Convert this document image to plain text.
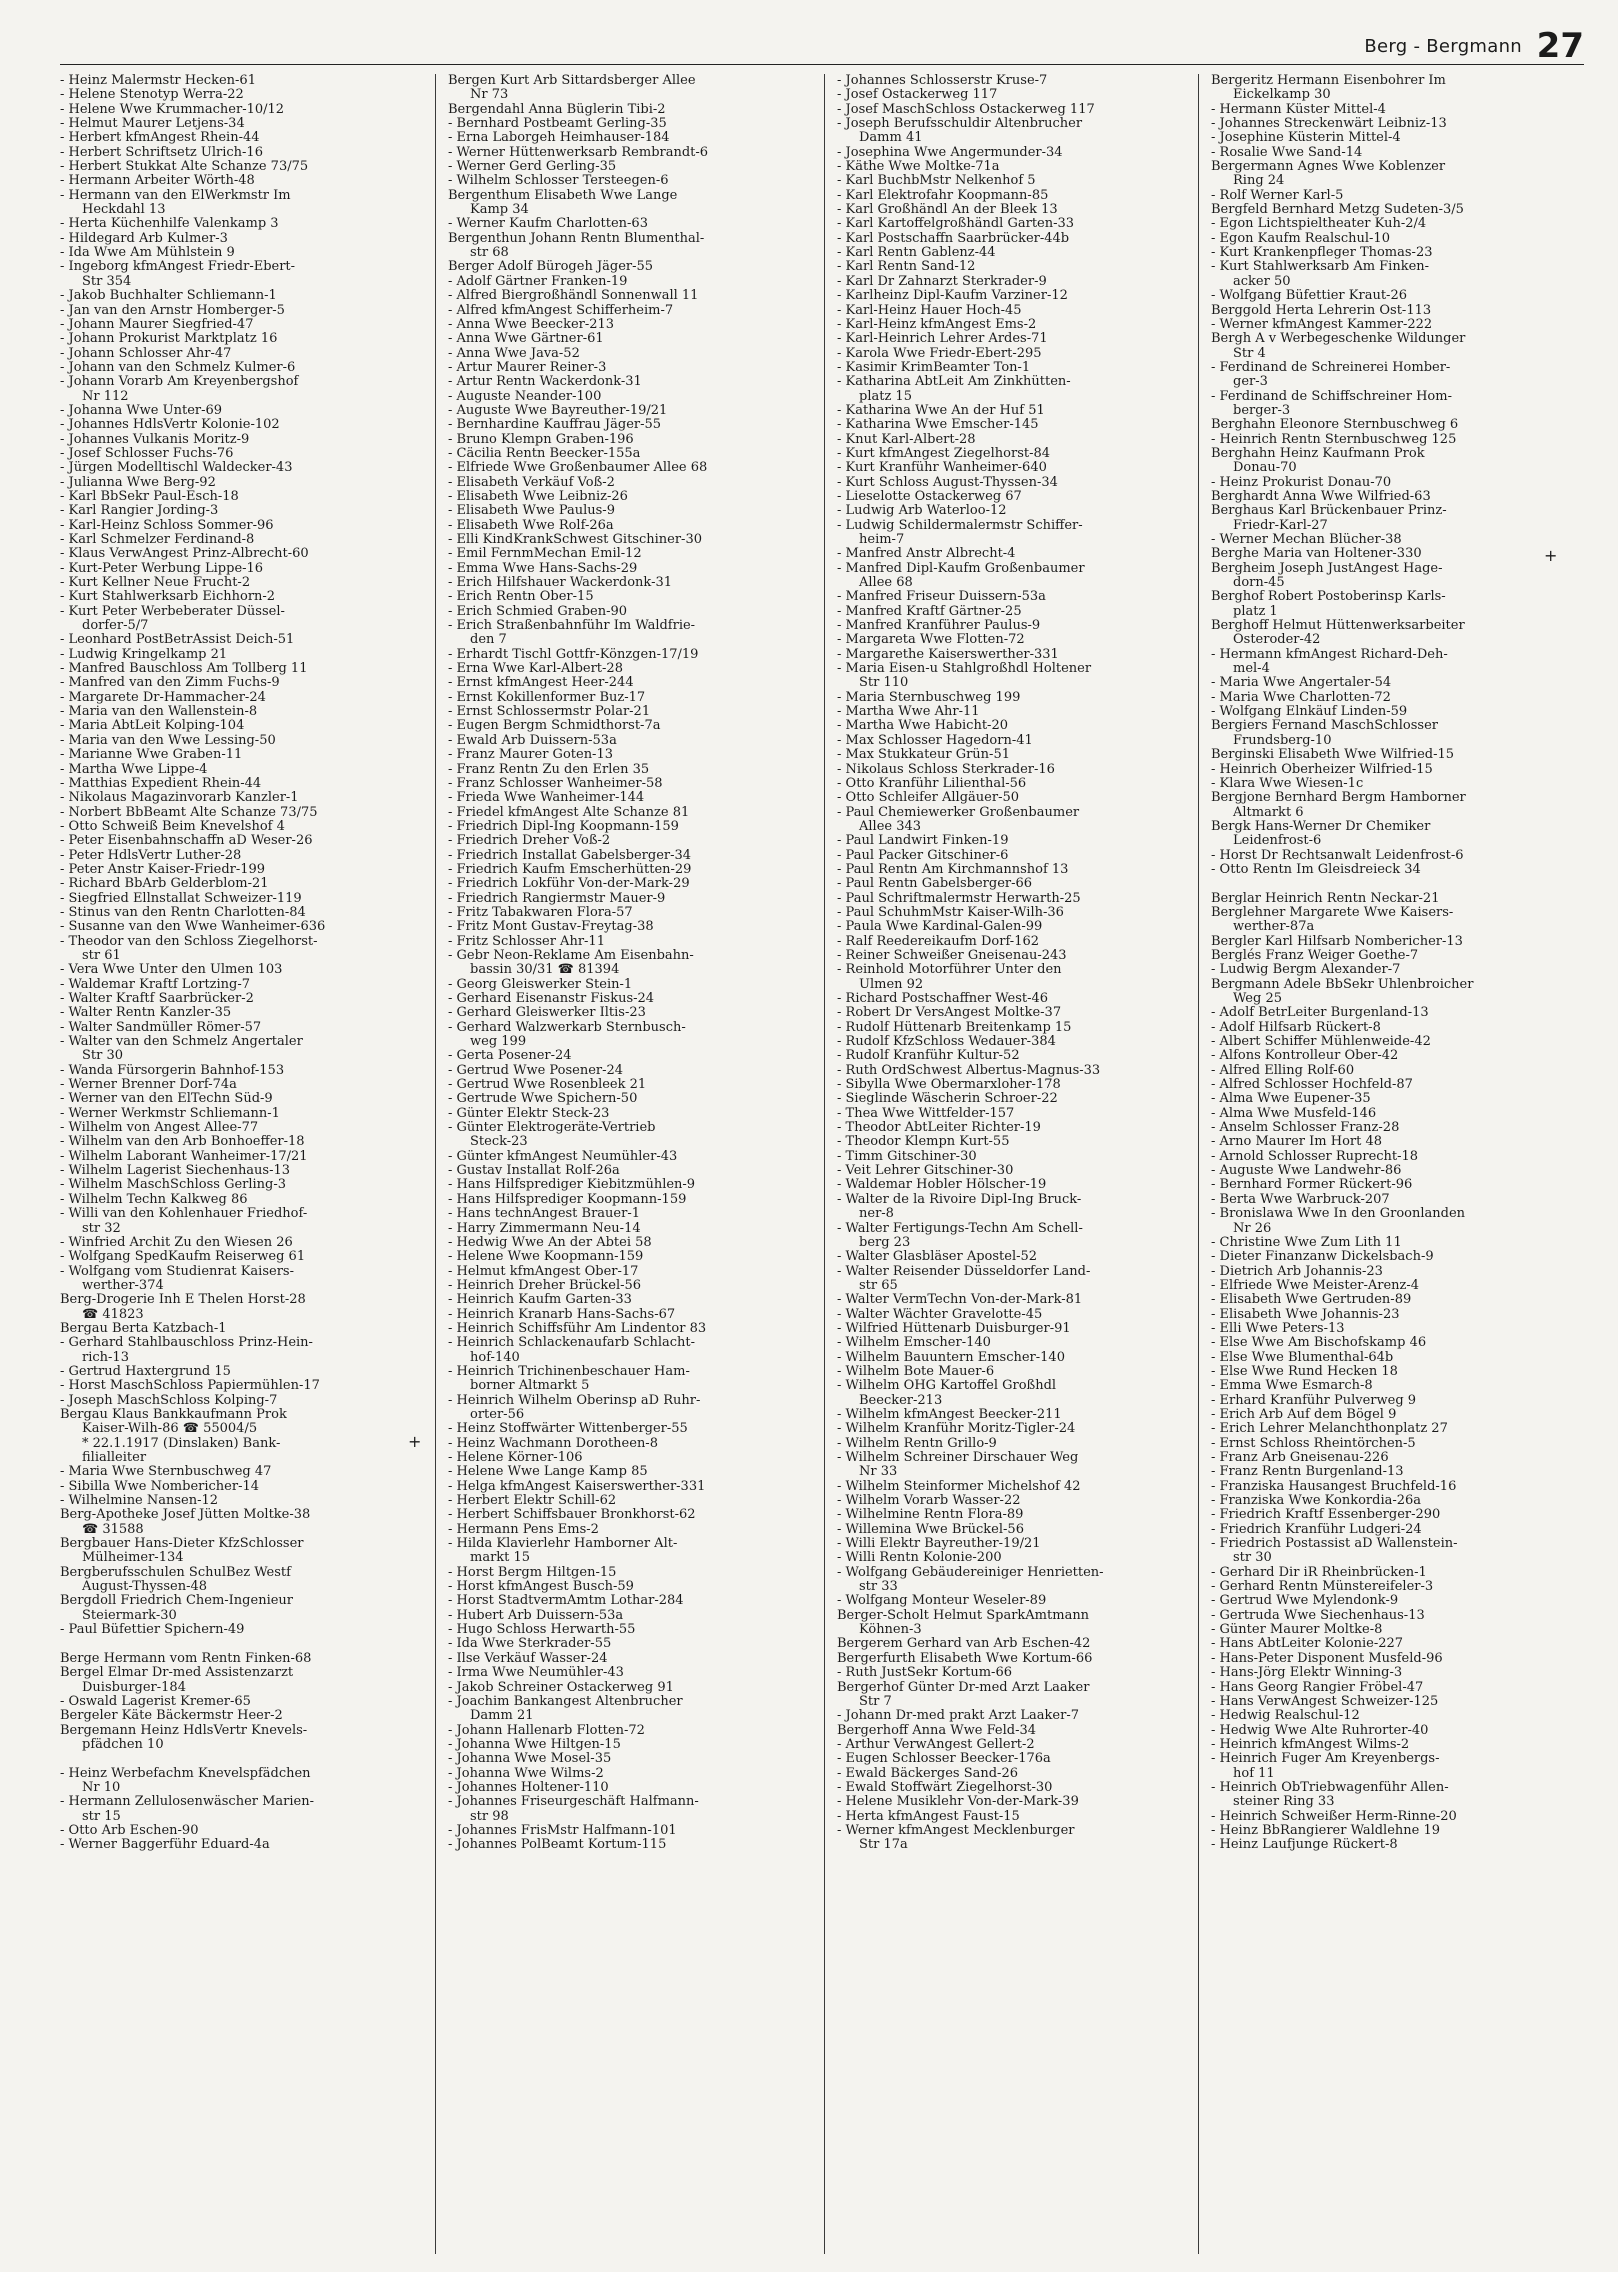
Berg - Bergmann 27
- Heinz Malermstr Hecken-61
- Helene Stenotyp Werra-22
- Helene Wwe Krummacher-10/12
- Helmut Maurer Letjens-34
- Herbert kfmAngest Rhein-44
- Herbert Schriftsetz Ulrich-16
- Herbert Stukkat Alte Schanze 73/75
- Hermann Arbeiter Wörth-48
- Hermann van den ElWerkmstr Im
Heckdahl 13
- Herta Küchenhilfe Valenkamp 3
- Hildegard Arb Kulmer-3
- Ida Wwe Am Mühlstein 9
- Ingeborg kfmAngest Friedr-Ebert-
Str 354
- Jakob Buchhalter Schliemann-1
- Jan van den Arnstr Homberger-5
- Johann Maurer Siegfried-47
- Johann Prokurist Marktplatz 16
- Johann Schlosser Ahr-47
- Johann van den Schmelz Kulmer-6
- Johann Vorarb Am Kreyenbergshof
Nr 112
- Johanna Wwe Unter-69
- Johannes HdlsVertr Kolonie-102
- Johannes Vulkanis Moritz-9
- Josef Schlosser Fuchs-76
- Jürgen Modelltischl Waldecker-43
- Julianna Wwe Berg-92
- Karl BbSekr Paul-Esch-18
- Karl Rangier Jording-3
- Karl-Heinz Schloss Sommer-96
- Karl Schmelzer Ferdinand-8
- Klaus VerwAngest Prinz-Albrecht-60
- Kurt-Peter Werbung Lippe-16
- Kurt Kellner Neue Frucht-2
- Kurt Stahlwerksarb Eichhorn-2
- Kurt Peter Werbeberater Düssel-
dorfer-5/7
- Leonhard PostBetrAssist Deich-51
- Ludwig Kringelkamp 21
- Manfred Bauschloss Am Tollberg 11
- Manfred van den Zimm Fuchs-9
- Margarete Dr-Hammacher-24
- Maria van den Wallenstein-8
- Maria AbtLeit Kolping-104
- Maria van den Wwe Lessing-50
- Marianne Wwe Graben-11
- Martha Wwe Lippe-4
- Matthias Expedient Rhein-44
- Nikolaus Magazinvorarb Kanzler-1
- Norbert BbBeamt Alte Schanze 73/75
- Otto Schweiß Beim Knevelshof 4
- Peter Eisenbahnschaffn aD Weser-26
- Peter HdlsVertr Luther-28
- Peter Anstr Kaiser-Friedr-199
- Richard BbArb Gelderblom-21
- Siegfried Ellnstallat Schweizer-119
- Stinus van den Rentn Charlotten-84
- Susanne van den Wwe Wanheimer-636
- Theodor van den Schloss Ziegelhorst-
str 61
- Vera Wwe Unter den Ulmen 103
- Waldemar Kraftf Lortzing-7
- Walter Kraftf Saarbrücker-2
- Walter Rentn Kanzler-35
- Walter Sandmüller Römer-57
- Walter van den Schmelz Angertaler
Str 30
- Wanda Fürsorgerin Bahnhof-153
- Werner Brenner Dorf-74a
- Werner van den ElTechn Süd-9
- Werner Werkmstr Schliemann-1
- Wilhelm von Angest Allee-77
- Wilhelm van den Arb Bonhoeffer-18
- Wilhelm Laborant Wanheimer-17/21
- Wilhelm Lagerist Siechenhaus-13
- Wilhelm MaschSchloss Gerling-3
- Wilhelm Techn Kalkweg 86
- Willi van den Kohlenhauer Friedhof-
str 32
- Winfried Archit Zu den Wiesen 26
- Wolfgang SpedKaufm Reiserweg 61
- Wolfgang vom Studienrat Kaisers-
werther-374
Berg-Drogerie Inh E Thelen Horst-28
☎ 41823
Bergau Berta Katzbach-1
- Gerhard Stahlbauschloss Prinz-Hein-
rich-13
- Gertrud Haxtergrund 15
- Horst MaschSchloss Papiermühlen-17
- Joseph MaschSchloss Kolping-7
Bergau Klaus Bankkaufmann Prok
Kaiser-Wilh-86 ☎ 55004/5
* 22.1.1917 (Dinslaken) Bank-
filialleiter
- Maria Wwe Sternbuschweg 47
- Sibilla Wwe Nombericher-14
- Wilhelmine Nansen-12
Berg-Apotheke Josef Jütten Moltke-38
☎ 31588
Bergbauer Hans-Dieter KfzSchlosser
Mülheimer-134
Bergberufsschulen SchulBez Westf
August-Thyssen-48
Bergdoll Friedrich Chem-Ingenieur
Steiermark-30
- Paul Büfettier Spichern-49
Berge Hermann vom Rentn Finken-68
Bergel Elmar Dr-med Assistenzarzt
Duisburger-184
- Oswald Lagerist Kremer-65
Bergeler Käte Bäckermstr Heer-2
Bergemann Heinz HdlsVertr Knevels-
pfädchen 10
- Heinz Werbefachm Knevelspfädchen
Nr 10
- Hermann Zellulosenwäscher Marien-
str 15
- Otto Arb Eschen-90
- Werner Baggerführ Eduard-4a
Bergen Kurt Arb Sittardsberger Allee
Nr 73
Bergendahl Anna Büglerin Tibi-2
- Bernhard Postbeamt Gerling-35
- Erna Laborgeh Heimhauser-184
- Werner Hüttenwerksarb Rembrandt-6
- Werner Gerd Gerling-35
- Wilhelm Schlosser Tersteegen-6
Bergenthum Elisabeth Wwe Lange
Kamp 34
- Werner Kaufm Charlotten-63
Bergenthun Johann Rentn Blumenthal-
str 68
Berger Adolf Bürogeh Jäger-55
- Adolf Gärtner Franken-19
- Alfred Biergroßhändl Sonnenwall 11
- Alfred kfmAngest Schifferheim-7
- Anna Wwe Beecker-213
- Anna Wwe Gärtner-61
- Anna Wwe Java-52
- Artur Maurer Reiner-3
- Artur Rentn Wackerdonk-31
- Auguste Neander-100
- Auguste Wwe Bayreuther-19/21
- Bernhardine Kauffrau Jäger-55
- Bruno Klempn Graben-196
- Cäcilia Rentn Beecker-155a
- Elfriede Wwe Großenbaumer Allee 68
- Elisabeth Verkäuf Voß-2
- Elisabeth Wwe Leibniz-26
- Elisabeth Wwe Paulus-9
- Elisabeth Wwe Rolf-26a
- Elli KindKrankSchwest Gitschiner-30
- Emil FernmMechan Emil-12
- Emma Wwe Hans-Sachs-29
- Erich Hilfshauer Wackerdonk-31
- Erich Rentn Ober-15
- Erich Schmied Graben-90
- Erich Straßenbahnführ Im Waldfrie-
den 7
- Erhardt Tischl Gottfr-Könzgen-17/19
- Erna Wwe Karl-Albert-28
- Ernst kfmAngest Heer-244
- Ernst Kokillenformer Buz-17
- Ernst Schlossermstr Polar-21
- Eugen Bergm Schmidthorst-7a
- Ewald Arb Duissern-53a
- Franz Maurer Goten-13
- Franz Rentn Zu den Erlen 35
- Franz Schlosser Wanheimer-58
- Frieda Wwe Wanheimer-144
- Friedel kfmAngest Alte Schanze 81
- Friedrich Dipl-Ing Koopmann-159
- Friedrich Dreher Voß-2
- Friedrich Installat Gabelsberger-34
- Friedrich Kaufm Emscherhütten-29
- Friedrich Lokführ Von-der-Mark-29
- Friedrich Rangiermstr Mauer-9
- Fritz Tabakwaren Flora-57
- Fritz Mont Gustav-Freytag-38
- Fritz Schlosser Ahr-11
- Gebr Neon-Reklame Am Eisenbahn-
bassin 30/31 ☎ 81394
- Georg Gleiswerker Stein-1
- Gerhard Eisenanstr Fiskus-24
- Gerhard Gleiswerker Iltis-23
- Gerhard Walzwerkarb Sternbusch-
weg 199
- Gerta Posener-24
- Gertrud Wwe Posener-24
- Gertrud Wwe Rosenbleek 21
- Gertrude Wwe Spichern-50
- Günter Elektr Steck-23
- Günter Elektrogeräte-Vertrieb
Steck-23
- Günter kfmAngest Neumühler-43
- Gustav Installat Rolf-26a
- Hans Hilfsprediger Kiebitzmühlen-9
- Hans Hilfsprediger Koopmann-159
- Hans technAngest Brauer-1
- Harry Zimmermann Neu-14
- Hedwig Wwe An der Abtei 58
- Helene Wwe Koopmann-159
- Helmut kfmAngest Ober-17
- Heinrich Dreher Brückel-56
- Heinrich Kaufm Garten-33
- Heinrich Kranarb Hans-Sachs-67
- Heinrich Schiffsführ Am Lindentor 83
- Heinrich Schlackenaufarb Schlacht-
hof-140
- Heinrich Trichinenbeschauer Ham-
borner Altmarkt 5
- Heinrich Wilhelm Oberinsp aD Ruhr-
orter-56
- Heinz Stoffwärter Wittenberger-55
- Heinz Wachmann Dorotheen-8
- Helene Körner-106
- Helene Wwe Lange Kamp 85
- Helga kfmAngest Kaiserswerther-331
- Herbert Elektr Schill-62
- Herbert Schiffsbauer Bronkhorst-62
- Hermann Pens Ems-2
- Hilda Klavierlehr Hamborner Alt-
markt 15
- Horst Bergm Hiltgen-15
- Horst kfmAngest Busch-59
- Horst StadtvermAmtm Lothar-284
- Hubert Arb Duissern-53a
- Hugo Schloss Herwarth-55
- Ida Wwe Sterkrader-55
- Ilse Verkäuf Wasser-24
- Irma Wwe Neumühler-43
- Jakob Schreiner Ostackerweg 91
- Joachim Bankangest Altenbrucher
Damm 21
- Johann Hallenarb Flotten-72
- Johanna Wwe Hiltgen-15
- Johanna Wwe Mosel-35
- Johanna Wwe Wilms-2
- Johannes Holtener-110
- Johannes Friseurgeschäft Halfmann-
str 98
- Johannes FrisMstr Halfmann-101
- Johannes PolBeamt Kortum-115
- Johannes Schlosserstr Kruse-7
- Josef Ostackerweg 117
- Josef MaschSchloss Ostackerweg 117
- Joseph Berufsschuldir Altenbrucher
Damm 41
- Josephina Wwe Angermunder-34
- Käthe Wwe Moltke-71a
- Karl BuchbMstr Nelkenhof 5
- Karl Elektrofahr Koopmann-85
- Karl Großhändl An der Bleek 13
- Karl Kartoffelgroßhändl Garten-33
- Karl Postschaffn Saarbrücker-44b
- Karl Rentn Gablenz-44
- Karl Rentn Sand-12
- Karl Dr Zahnarzt Sterkrader-9
- Karlheinz Dipl-Kaufm Varziner-12
- Karl-Heinz Hauer Hoch-45
- Karl-Heinz kfmAngest Ems-2
- Karl-Heinrich Lehrer Ardes-71
- Karola Wwe Friedr-Ebert-295
- Kasimir KrimBeamter Ton-1
- Katharina AbtLeit Am Zinkhütten-
platz 15
- Katharina Wwe An der Huf 51
- Katharina Wwe Emscher-145
- Knut Karl-Albert-28
- Kurt kfmAngest Ziegelhorst-84
- Kurt Kranführ Wanheimer-640
- Kurt Schloss August-Thyssen-34
- Lieselotte Ostackerweg 67
- Ludwig Arb Waterloo-12
- Ludwig Schildermalermstr Schiffer-
heim-7
- Manfred Anstr Albrecht-4
- Manfred Dipl-Kaufm Großenbaumer
Allee 68
- Manfred Friseur Duissern-53a
- Manfred Kraftf Gärtner-25
- Manfred Kranführer Paulus-9
- Margareta Wwe Flotten-72
- Margarethe Kaiserswerther-331
- Maria Eisen-u Stahlgroßhdl Holtener
Str 110
- Maria Sternbuschweg 199
- Martha Wwe Ahr-11
- Martha Wwe Habicht-20
- Max Schlosser Hagedorn-41
- Max Stukkateur Grün-51
- Nikolaus Schloss Sterkrader-16
- Otto Kranführ Lilienthal-56
- Otto Schleifer Allgäuer-50
- Paul Chemiewerker Großenbaumer
Allee 343
- Paul Landwirt Finken-19
- Paul Packer Gitschiner-6
- Paul Rentn Am Kirchmannshof 13
- Paul Rentn Gabelsberger-66
- Paul Schriftmalermstr Herwarth-25
- Paul SchuhmMstr Kaiser-Wilh-36
- Paula Wwe Kardinal-Galen-99
- Ralf Reedereikaufm Dorf-162
- Reiner Schweißer Gneisenau-243
- Reinhold Motorführer Unter den
Ulmen 92
- Richard Postschaffner West-46
- Robert Dr VersAngest Moltke-37
- Rudolf Hüttenarb Breitenkamp 15
- Rudolf KfzSchloss Wedauer-384
- Rudolf Kranführ Kultur-52
- Ruth OrdSchwest Albertus-Magnus-33
- Sibylla Wwe Obermarxloher-178
- Sieglinde Wäscherin Schroer-22
- Thea Wwe Wittfelder-157
- Theodor AbtLeiter Richter-19
- Theodor Klempn Kurt-55
- Timm Gitschiner-30
- Veit Lehrer Gitschiner-30
- Waldemar Hobler Hölscher-19
- Walter de la Rivoire Dipl-Ing Bruck-
ner-8
- Walter Fertigungs-Techn Am Schell-
berg 23
- Walter Glasbläser Apostel-52
- Walter Reisender Düsseldorfer Land-
str 65
- Walter VermTechn Von-der-Mark-81
- Walter Wächter Gravelotte-45
- Wilfried Hüttenarb Duisburger-91
- Wilhelm Emscher-140
- Wilhelm Bauuntern Emscher-140
- Wilhelm Bote Mauer-6
- Wilhelm OHG Kartoffel Großhdl
Beecker-213
- Wilhelm kfmAngest Beecker-211
- Wilhelm Kranführ Moritz-Tigler-24
- Wilhelm Rentn Grillo-9
- Wilhelm Schreiner Dirschauer Weg
Nr 33
- Wilhelm Steinformer Michelshof 42
- Wilhelm Vorarb Wasser-22
- Wilhelmine Rentn Flora-89
- Willemina Wwe Brückel-56
- Willi Elektr Bayreuther-19/21
- Willi Rentn Kolonie-200
- Wolfgang Gebäudereiniger Henrietten-
str 33
- Wolfgang Monteur Weseler-89
Berger-Scholt Helmut SparkAmtmann
Köhnen-3
Bergerem Gerhard van Arb Eschen-42
Bergerfurth Elisabeth Wwe Kortum-66
- Ruth JustSekr Kortum-66
Bergerhof Günter Dr-med Arzt Laaker
Str 7
- Johann Dr-med prakt Arzt Laaker-7
Bergerhoff Anna Wwe Feld-34
- Arthur VerwAngest Gellert-2
- Eugen Schlosser Beecker-176a
- Ewald Bäckerges Sand-26
- Ewald Stoffwärt Ziegelhorst-30
- Helene Musiklehr Von-der-Mark-39
- Herta kfmAngest Faust-15
- Werner kfmAngest Mecklenburger
Str 17a
Bergeritz Hermann Eisenbohrer Im
Eickelkamp 30
- Hermann Küster Mittel-4
- Johannes Streckenwärt Leibniz-13
- Josephine Küsterin Mittel-4
- Rosalie Wwe Sand-14
Bergermann Agnes Wwe Koblenzer
Ring 24
- Rolf Werner Karl-5
Bergfeld Bernhard Metzg Sudeten-3/5
- Egon Lichtspieltheater Kuh-2/4
- Egon Kaufm Realschul-10
- Kurt Krankenpfleger Thomas-23
- Kurt Stahlwerksarb Am Finken-
acker 50
- Wolfgang Büfettier Kraut-26
Berggold Herta Lehrerin Ost-113
- Werner kfmAngest Kammer-222
Bergh A v Werbegeschenke Wildunger
Str 4
- Ferdinand de Schreinerei Homber-
ger-3
- Ferdinand de Schiffschreiner Hom-
berger-3
Berghahn Eleonore Sternbuschweg 6
- Heinrich Rentn Sternbuschweg 125
Berghahn Heinz Kaufmann Prok
Donau-70
- Heinz Prokurist Donau-70
Berghardt Anna Wwe Wilfried-63
Berghaus Karl Brückenbauer Prinz-
Friedr-Karl-27
- Werner Mechan Blücher-38
Berghe Maria van Holtener-330
Bergheim Joseph JustAngest Hage-
dorn-45
Berghof Robert Postoberinsp Karls-
platz 1
Berghoff Helmut Hüttenwerksarbeiter
Osteroder-42
- Hermann kfmAngest Richard-Deh-
mel-4
- Maria Wwe Angertaler-54
- Maria Wwe Charlotten-72
- Wolfgang Elnkäuf Linden-59
Bergiers Fernand MaschSchlosser
Frundsberg-10
Berginski Elisabeth Wwe Wilfried-15
- Heinrich Oberheizer Wilfried-15
- Klara Wwe Wiesen-1c
Bergjone Bernhard Bergm Hamborner
Altmarkt 6
Bergk Hans-Werner Dr Chemiker
Leidenfrost-6
- Horst Dr Rechtsanwalt Leidenfrost-6
- Otto Rentn Im Gleisdreieck 34
Berglar Heinrich Rentn Neckar-21
Berglehner Margarete Wwe Kaisers-
werther-87a
Bergler Karl Hilfsarb Nombericher-13
Berglés Franz Weiger Goethe-7
- Ludwig Bergm Alexander-7
Bergmann Adele BbSekr Uhlenbroicher
Weg 25
- Adolf BetrLeiter Burgenland-13
- Adolf Hilfsarb Rückert-8
- Albert Schiffer Mühlenweide-42
- Alfons Kontrolleur Ober-42
- Alfred Elling Rolf-60
- Alfred Schlosser Hochfeld-87
- Alma Wwe Eupener-35
- Alma Wwe Musfeld-146
- Anselm Schlosser Franz-28
- Arno Maurer Im Hort 48
- Arnold Schlosser Ruprecht-18
- Auguste Wwe Landwehr-86
- Bernhard Former Rückert-96
- Berta Wwe Warbruck-207
- Bronislawa Wwe In den Groonlanden
Nr 26
- Christine Wwe Zum Lith 11
- Dieter Finanzanw Dickelsbach-9
- Dietrich Arb Johannis-23
- Elfriede Wwe Meister-Arenz-4
- Elisabeth Wwe Gertruden-89
- Elisabeth Wwe Johannis-23
- Elli Wwe Peters-13
- Else Wwe Am Bischofskamp 46
- Else Wwe Blumenthal-64b
- Else Wwe Rund Hecken 18
- Emma Wwe Esmarch-8
- Erhard Kranführ Pulverweg 9
- Erich Arb Auf dem Bögel 9
- Erich Lehrer Melanchthonplatz 27
- Ernst Schloss Rheintörchen-5
- Franz Arb Gneisenau-226
- Franz Rentn Burgenland-13
- Franziska Hausangest Bruchfeld-16
- Franziska Wwe Konkordia-26a
- Friedrich Kraftf Essenberger-290
- Friedrich Kranführ Ludgeri-24
- Friedrich Postassist aD Wallenstein-
str 30
- Gerhard Dir iR Rheinbrücken-1
- Gerhard Rentn Münstereifeler-3
- Gertrud Wwe Mylendonk-9
- Gertruda Wwe Siechenhaus-13
- Günter Maurer Moltke-8
- Hans AbtLeiter Kolonie-227
- Hans-Peter Disponent Musfeld-96
- Hans-Jörg Elektr Winning-3
- Hans Georg Rangier Fröbel-47
- Hans VerwAngest Schweizer-125
- Hedwig Realschul-12
- Hedwig Wwe Alte Ruhrorter-40
- Heinrich kfmAngest Wilms-2
- Heinrich Fuger Am Kreyenbergs-
hof 11
- Heinrich ObTriebwagenführ Allen-
steiner Ring 33
- Heinrich Schweißer Herm-Rinne-20
- Heinz BbRangierer Waldlehne 19
- Heinz Laufjunge Rückert-8
+
+
